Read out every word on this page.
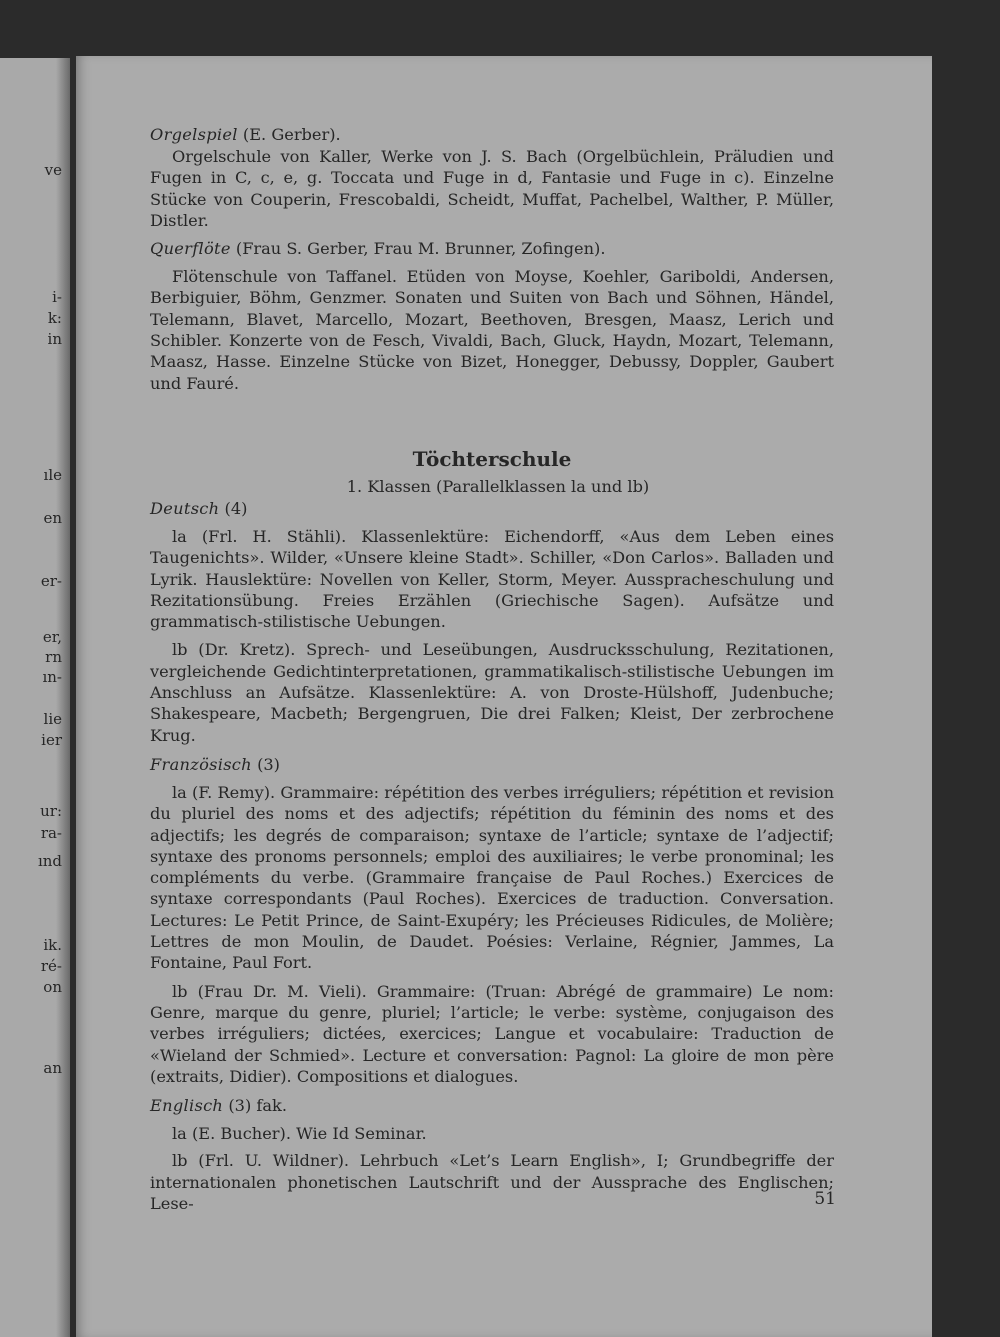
ve
i-
k:
in
ıle
en
er-
er,
rn
ın-
lie
ier
ur:
ra-
ınd
ik.
ré-
on
an

Orgelspiel (E. Gerber).

Orgelschule von Kaller, Werke von J. S. Bach (Orgelbüchlein, Präludien und Fugen in C, c, e, g. Toccata und Fuge in d, Fantasie und Fuge in c). Einzelne Stücke von Couperin, Frescobaldi, Scheidt, Muffat, Pachelbel, Walther, P. Müller, Distler.

Querflöte (Frau S. Gerber, Frau M. Brunner, Zofingen).

Flötenschule von Taffanel. Etüden von Moyse, Koehler, Gariboldi, Andersen, Berbiguier, Böhm, Genzmer. Sonaten und Suiten von Bach und Söhnen, Händel, Telemann, Blavet, Marcello, Mozart, Beethoven, Bresgen, Maasz, Lerich und Schibler. Konzerte von de Fesch, Vivaldi, Bach, Gluck, Haydn, Mozart, Telemann, Maasz, Hasse. Einzelne Stücke von Bizet, Honegger, Debussy, Doppler, Gaubert und Fauré.

Töchterschule
1. Klassen (Parallelklassen la und lb)
Deutsch (4)

la (Frl. H. Stähli). Klassenlektüre: Eichendorff, «Aus dem Leben eines Taugenichts». Wilder, «Unsere kleine Stadt». Schiller, «Don Carlos». Balladen und Lyrik. Hauslektüre: Novellen von Keller, Storm, Meyer. Ausspracheschulung und Rezitationsübung. Freies Erzählen (Griechische Sagen). Aufsätze und grammatisch-stilistische Uebungen.

lb (Dr. Kretz). Sprech- und Leseübungen, Ausdrucksschulung, Rezitationen, vergleichende Gedichtinterpretationen, grammatikalisch-stilistische Uebungen im Anschluss an Aufsätze. Klassenlektüre: A. von Droste-Hülshoff, Judenbuche; Shakespeare, Macbeth; Bergengruen, Die drei Falken; Kleist, Der zerbrochene Krug.

Französisch (3)

la (F. Remy). Grammaire: répétition des verbes irréguliers; répétition et revision du pluriel des noms et des adjectifs; répétition du féminin des noms et des adjectifs; les degrés de comparaison; syntaxe de l’article; syntaxe de l’adjectif; syntaxe des pronoms personnels; emploi des auxiliaires; le verbe pronominal; les compléments du verbe. (Grammaire française de Paul Roches.) Exercices de syntaxe correspondants (Paul Roches). Exercices de traduction. Conversation. Lectures: Le Petit Prince, de Saint-Exupéry; les Précieuses Ridicules, de Molière; Lettres de mon Moulin, de Daudet. Poésies: Verlaine, Régnier, Jammes, La Fontaine, Paul Fort.

lb (Frau Dr. M. Vieli). Grammaire: (Truan: Abrégé de grammaire) Le nom: Genre, marque du genre, pluriel; l’article; le verbe: système, conjugaison des verbes irréguliers; dictées, exercices; Langue et vocabulaire: Traduction de «Wieland der Schmied». Lecture et conversation: Pagnol: La gloire de mon père (extraits, Didier). Compositions et dialogues.

Englisch (3) fak.

la (E. Bucher). Wie Id Seminar.

lb (Frl. U. Wildner). Lehrbuch «Let’s Learn English», I; Grundbegriffe der internationalen phonetischen Lautschrift und der Aussprache des Englischen; Lese-	51
